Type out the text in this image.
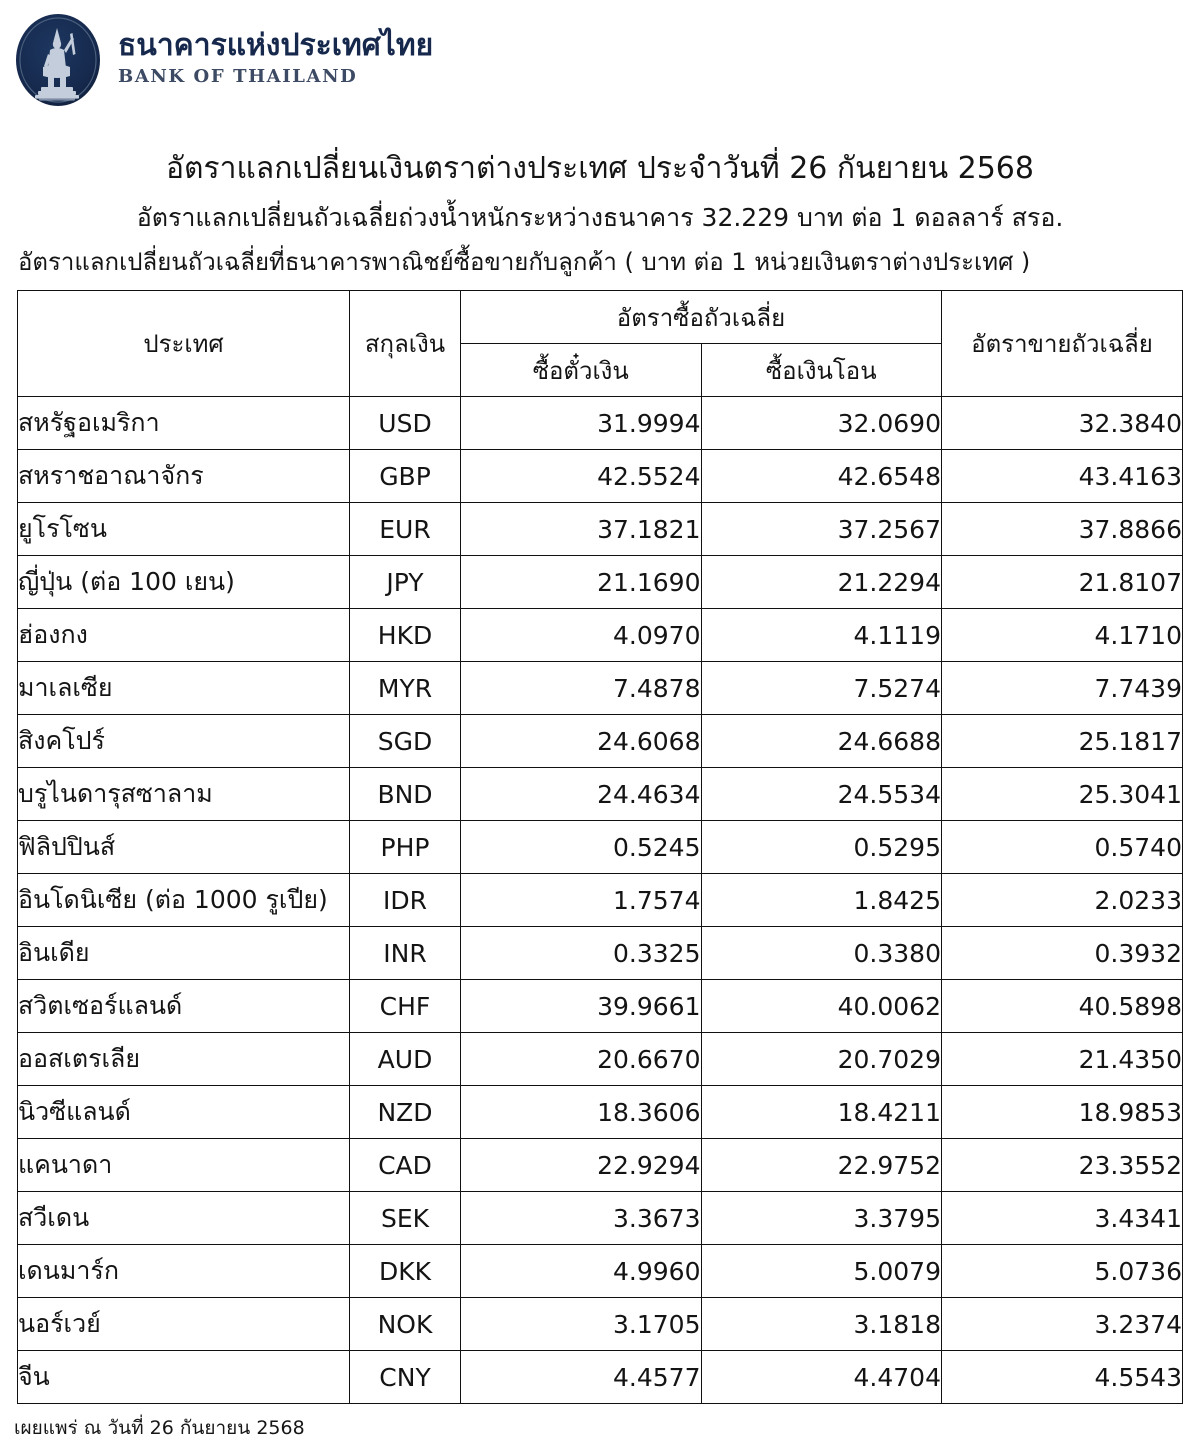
ธนาคารแห่งประเทศไทย
BANK OF THAILAND
อัตราแลกเปลี่ยนเงินตราต่างประเทศ ประจำวันที่ 26 กันยายน 2568
อัตราแลกเปลี่ยนถัวเฉลี่ยถ่วงน้ำหนักระหว่างธนาคาร 32.229 บาท ต่อ 1 ดอลลาร์ สรอ.
อัตราแลกเปลี่ยนถัวเฉลี่ยที่ธนาคารพาณิชย์ซื้อขายกับลูกค้า ( บาท ต่อ 1 หน่วยเงินตราต่างประเทศ )
ประเทศ	สกุลเงิน	อัตราซื้อถัวเฉลี่ย		อัตราขายถัวเฉลี่ย
		ซื้อตั๋วเงิน	ซื้อเงินโอน	
สหรัฐอเมริกา	USD	31.9994	32.0690	32.3840
สหราชอาณาจักร	GBP	42.5524	42.6548	43.4163
ยูโรโซน	EUR	37.1821	37.2567	37.8866
ญี่ปุ่น (ต่อ 100 เยน)	JPY	21.1690	21.2294	21.8107
ฮ่องกง	HKD	4.0970	4.1119	4.1710
มาเลเซีย	MYR	7.4878	7.5274	7.7439
สิงคโปร์	SGD	24.6068	24.6688	25.1817
บรูไนดารุสซาลาม	BND	24.4634	24.5534	25.3041
ฟิลิปปินส์	PHP	0.5245	0.5295	0.5740
อินโดนิเซีย (ต่อ 1000 รูเปีย)	IDR	1.7574	1.8425	2.0233
อินเดีย	INR	0.3325	0.3380	0.3932
สวิตเซอร์แลนด์	CHF	39.9661	40.0062	40.5898
ออสเตรเลีย	AUD	20.6670	20.7029	21.4350
นิวซีแลนด์	NZD	18.3606	18.4211	18.9853
แคนาดา	CAD	22.9294	22.9752	23.3552
สวีเดน	SEK	3.3673	3.3795	3.4341
เดนมาร์ก	DKK	4.9960	5.0079	5.0736
นอร์เวย์	NOK	3.1705	3.1818	3.2374
จีน	CNY	4.4577	4.4704	4.5543
เผยแพร่ ณ วันที่ 26 กันยายน 2568
